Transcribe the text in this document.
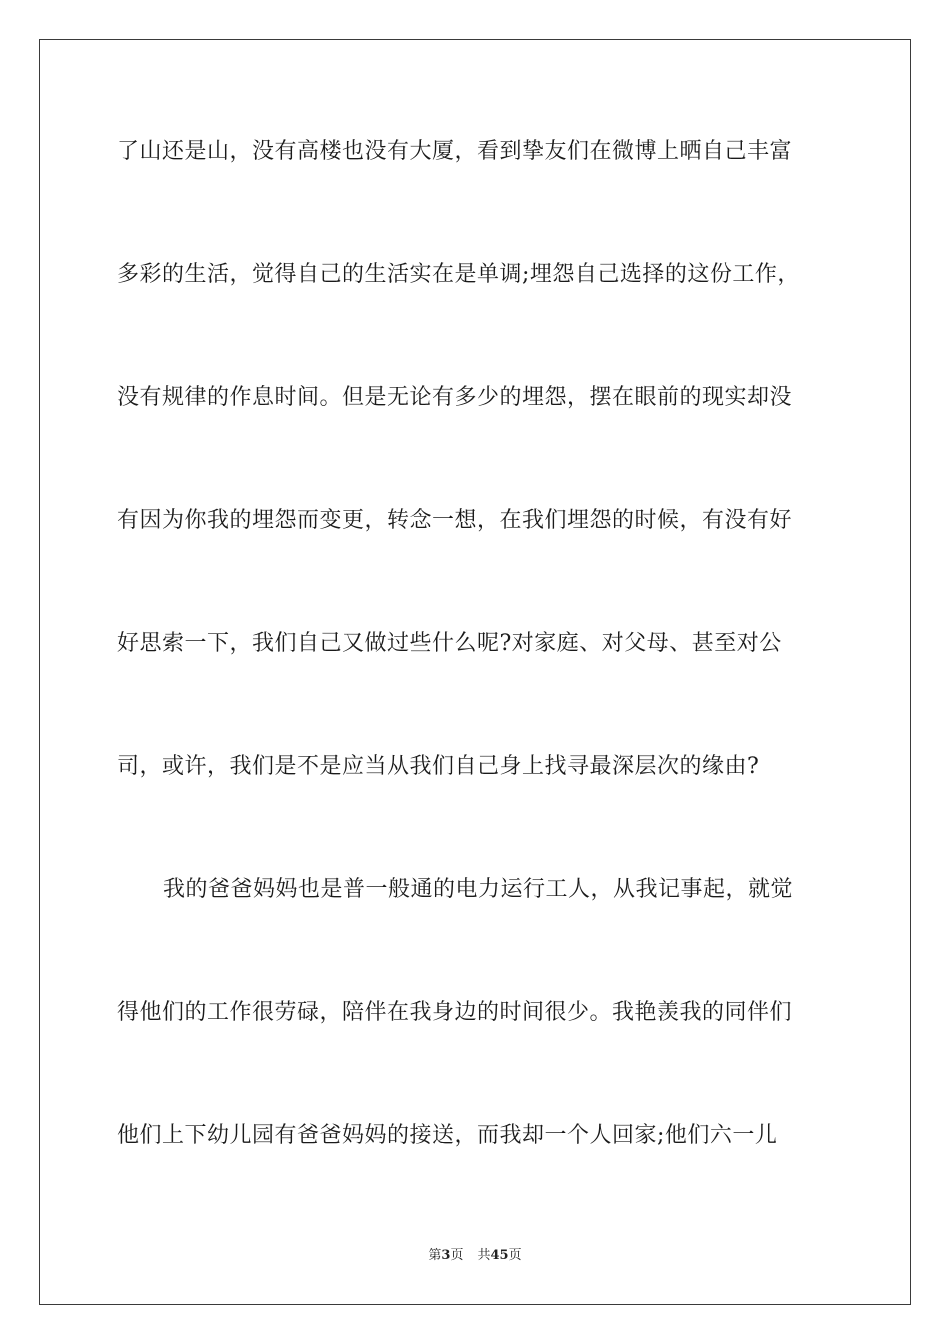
了山还是山，没有高楼也没有大厦，看到挚友们在微博上晒自己丰富
多彩的生活，觉得自己的生活实在是单调;埋怨自己选择的这份工作，
没有规律的作息时间。但是无论有多少的埋怨，摆在眼前的现实却没
有因为你我的埋怨而变更，转念一想，在我们埋怨的时候，有没有好
好思索一下，我们自己又做过些什么呢?对家庭、对父母、甚至对公
司，或许，我们是不是应当从我们自己身上找寻最深层次的缘由?
我的爸爸妈妈也是普一般通的电力运行工人，从我记事起，就觉
得他们的工作很劳碌，陪伴在我身边的时间很少。我艳羡我的同伴们
他们上下幼儿园有爸爸妈妈的接送，而我却一个人回家;他们六一儿
第3页 共45页
